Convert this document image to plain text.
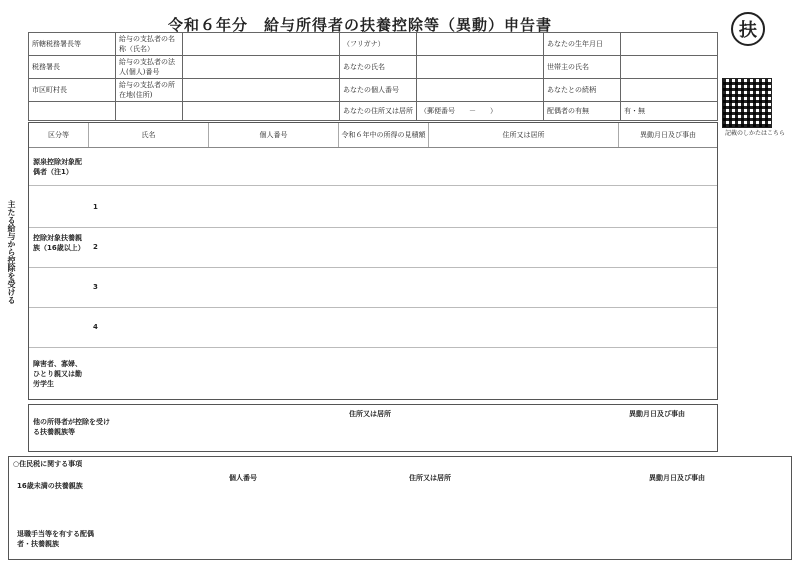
令和６年分　給与所得者の扶養控除等（異動）申告書	扶
記載のしかたはこちら
所轄税務署長等	給与の支払者の名称（氏名）		（フリガナ）		あなたの生年月日	
税務署長	給与の支払者の法人(個人)番号		あなたの氏名		世帯主の氏名	
市区町村長	給与の支払者の所在地(住所)		あなたの個人番号		あなたとの続柄	
			あなたの住所又は居所	（郵便番号　　－　　）	配偶者の有無	有・無
主たる給与から控除を受ける
区分等	氏名	個人番号	令和６年中の所得の見積額	住所又は居所	異動月日及び事由
源泉控除対象配偶者（注1）
控除対象扶養親族（16歳以上）
1
2
3
4
障害者、寡婦、ひとり親又は勤労学生
他の所得者が控除を受ける扶養親族等
住所又は居所	異動月日及び事由
○住民税に関する事項
16歳未満の扶養親族
退職手当等を有する配偶者・扶養親族
個人番号	住所又は居所	異動月日及び事由
